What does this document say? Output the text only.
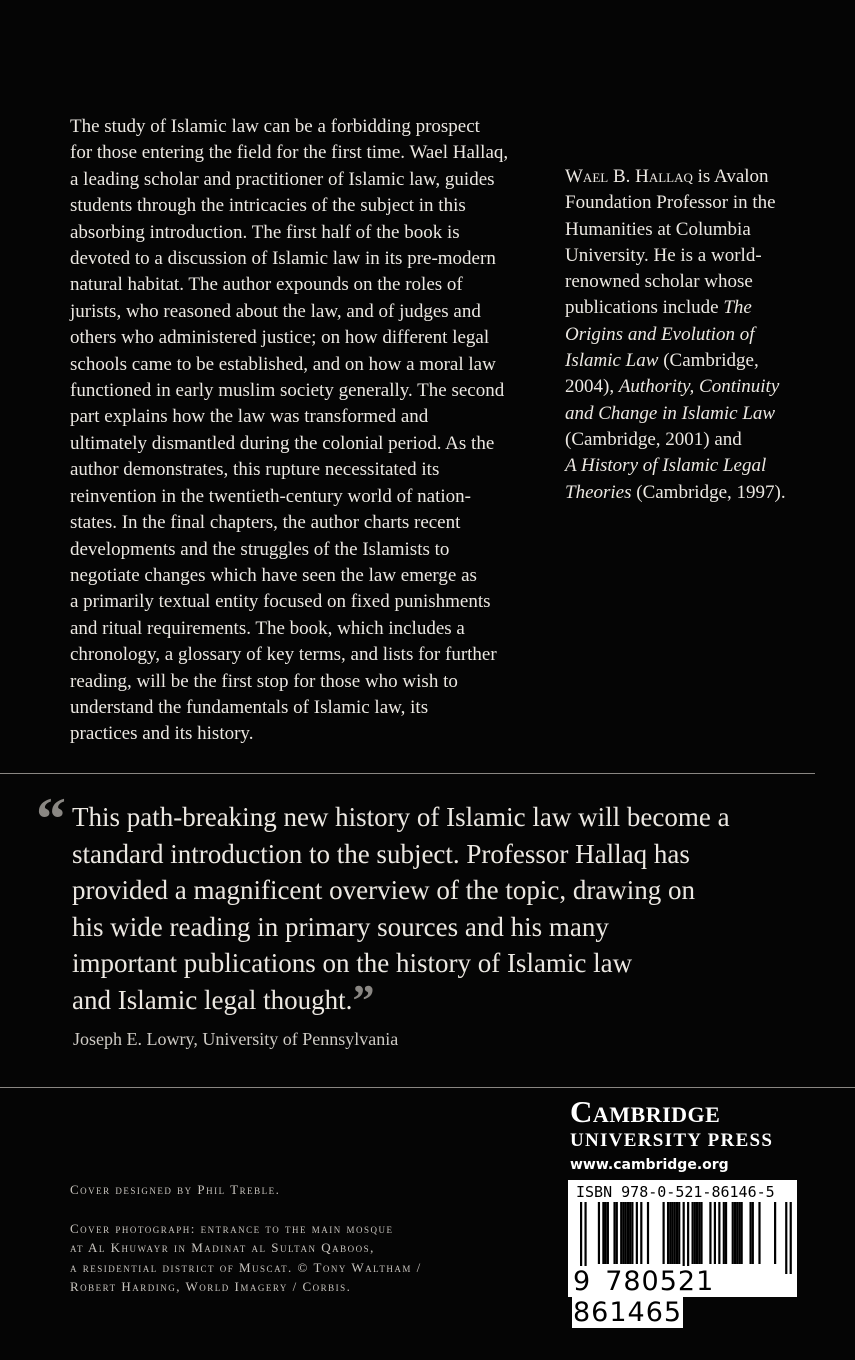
The study of Islamic law can be a forbidding prospect
for those entering the field for the first time. Wael Hallaq,
a leading scholar and practitioner of Islamic law, guides
students through the intricacies of the subject in this
absorbing introduction. The first half of the book is
devoted to a discussion of Islamic law in its pre-modern
natural habitat. The author expounds on the roles of
jurists, who reasoned about the law, and of judges and
others who administered justice; on how different legal
schools came to be established, and on how a moral law
functioned in early muslim society generally. The second
part explains how the law was transformed and
ultimately dismantled during the colonial period. As the
author demonstrates, this rupture necessitated its
reinvention in the twentieth-century world of nation-
states. In the final chapters, the author charts recent
developments and the struggles of the Islamists to
negotiate changes which have seen the law emerge as
a primarily textual entity focused on fixed punishments
and ritual requirements. The book, which includes a
chronology, a glossary of key terms, and lists for further
reading, will be the first stop for those who wish to
understand the fundamentals of Islamic law, its
practices and its history.
Wael B. Hallaq is Avalon
Foundation Professor in the
Humanities at Columbia
University. He is a world-
renowned scholar whose
publications include The
Origins and Evolution of
Islamic Law (Cambridge,
2004), Authority, Continuity
and Change in Islamic Law
(Cambridge, 2001) and
A History of Islamic Legal
Theories (Cambridge, 1997).
“ This path-breaking new history of Islamic law will become a
standard introduction to the subject. Professor Hallaq has
provided a magnificent overview of the topic, drawing on
his wide reading in primary sources and his many
important publications on the history of Islamic law
and Islamic legal thought.”
Joseph E. Lowry, University of Pennsylvania
Cover designed by Phil Treble.
Cover photograph: entrance to the main mosque
at Al Khuwayr in Madinat al Sultan Qaboos,
a residential district of Muscat. © Tony Waltham /
Robert Harding, World Imagery / Corbis.
Cambridge
UNIVERSITY PRESS
www.cambridge.org
ISBN 978-0-521-86146-5
9 780521861465
